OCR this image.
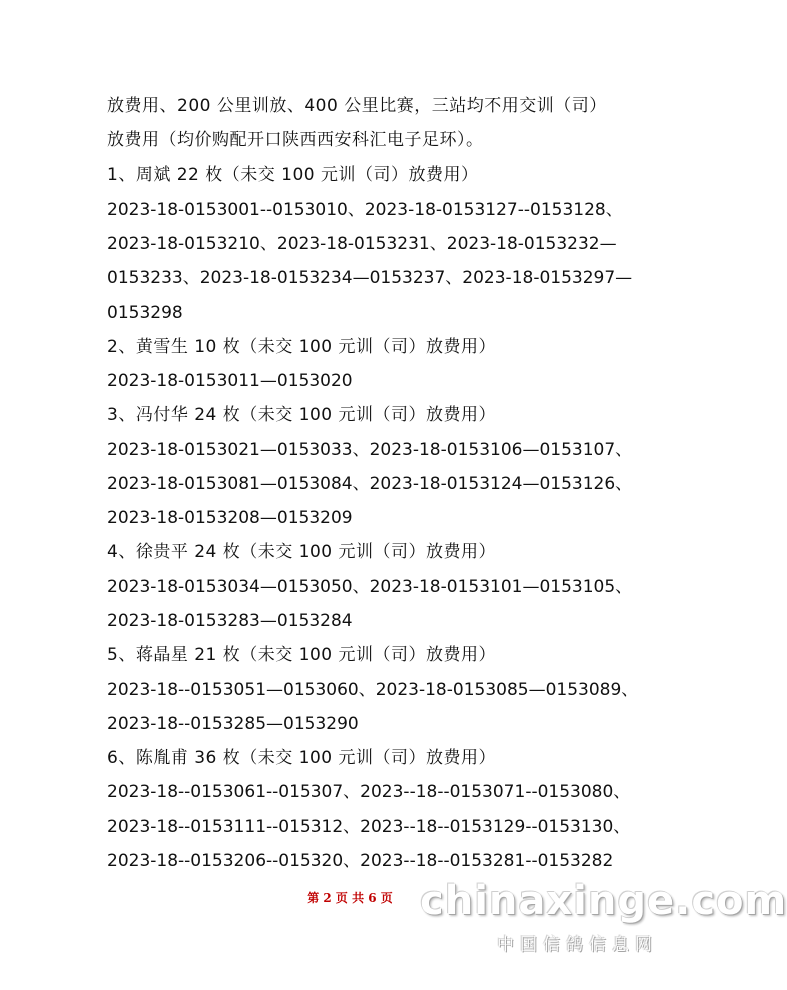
放费用、200 公里训放、400 公里比赛，三站均不用交训（司）
放费用（均价购配开口陕西西安科汇电子足环）。
1、周斌 22 枚（未交 100 元训（司）放费用）
2023-18-0153001--0153010、2023-18-0153127--0153128、
2023-18-0153210、2023-18-0153231、2023-18-0153232—
0153233、2023-18-0153234—0153237、2023-18-0153297—
0153298
2、黄雪生 10 枚（未交 100 元训（司）放费用）
2023-18-0153011—0153020
3、冯付华 24 枚（未交 100 元训（司）放费用）
2023-18-0153021—0153033、2023-18-0153106—0153107、
2023-18-0153081—0153084、2023-18-0153124—0153126、
2023-18-0153208—0153209
4、徐贵平 24 枚（未交 100 元训（司）放费用）
2023-18-0153034—0153050、2023-18-0153101—0153105、
2023-18-0153283—0153284
5、蒋晶星 21 枚（未交 100 元训（司）放费用）
2023-18--0153051—0153060、2023-18-0153085—0153089、
2023-18--0153285—0153290
6、陈胤甫 36 枚（未交 100 元训（司）放费用）
2023-18--0153061--015307、2023--18--0153071--0153080、
2023-18--0153111--015312、2023--18--0153129--0153130、
2023-18--0153206--015320、2023--18--0153281--0153282
第 2 页 共 6 页 chinaxinge.com
中国信鸽信息网
